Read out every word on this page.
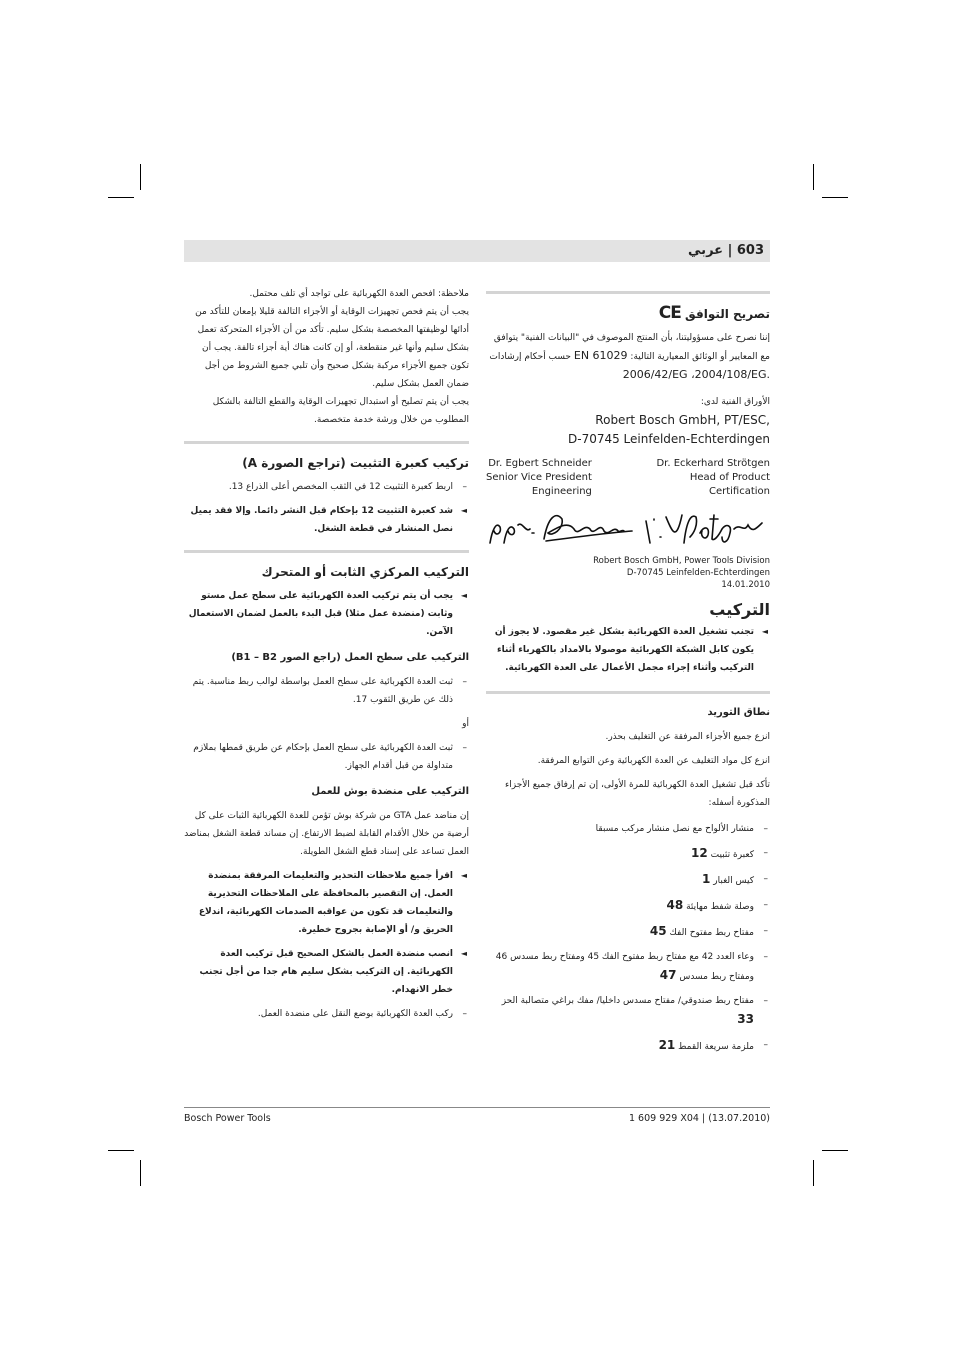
603 | عربي
تصريح التوافق CE

إننا نصرح على مسؤوليتنا، بأن المنتج الموصوف في "البيانات الفنية" يتوافق مع المعايير أو الوثائق المعيارية التالية: EN 61029 حسب أحكام إرشادات 2006/42/EG ،2004/108/EG.

الأوراق الفنية لدى:

Robert Bosch GmbH, PT/ESC,
D-70745 Leinfelden-Echterdingen
Dr. Egbert Schneider
Senior Vice President
Engineering
Dr. Eckerhard Strötgen
Head of Product
Certification
Robert Bosch GmbH, Power Tools Division
D-70745 Leinfelden-Echterdingen
14.01.2010
التركيب
◄
تجنب تشغيل العدة الكهربائية بشكل غير مقصود. لا يجوز أن يكون كابل الشبكة الكهربائية موصولا بالامداد بالكهرباء أثناء التركيب وأثناء إجراء مجمل الأعمال على العدة الكهربائية.
نطاق التوريد

انزع جميع الأجزاء المرفقة عن التغليف بحذر.

انزع كل مواد التغليف عن العدة الكهربائية وعن التوابع المرفقة.

تأكد قبل تشغيل العدة الكهربائية للمرة الأولى، إن تم إرفاق جميع الأجزاء المذكورة أسفله:

–
منشار الألواح مع نصل منشار مركب مسبقا
–
كعبرة تثبيت 12
–
كيس الغبار 1
–
وصلة شفط مهايئة 48
–
مفتاح ربط مفتوح الفك 45
–
وعاء العدد 42 مع مفتاح ربط مفتوح الفك 45 ومفتاح ربط مسدس 46 ومفتاح ربط مسدس 47
–
مفتاح ربط صندوقي/ مفتاح مسدس داخليا/ مفك براغي متصالبة الحز 33
–
ملزمة سريعة القمط 21

ملاحظة: افحص العدة الكهربائية على تواجد أي تلف محتمل.

يجب أن يتم فحص تجهيزات الوقاية أو الأجزاء التالفة قليلا بإمعان للتأكد من أدائها لوظيفتها المخصصة بشكل سليم. تأكد من أن الأجزاء المتحركة تعمل بشكل سليم وأنها غير منقطعة، أو إن كانت هناك أية أجزاء تالفة. يجب أن تكون جميع الأجزاء مركبة بشكل صحيح وأن تلبي جميع الشروط من أجل ضمان العمل بشكل سليم.

يجب أن يتم تصليح أو استبدال تجهيزات الوقاية والقطع التالفة بالشكل المطلوب من خلال ورشة خدمة متخصصة.

تركيب كعبرة التثبيت (تراجع الصورة A)
–
اربط كعبرة التثبيت 12 في الثقب المخصص أعلى الذراع 13.
◄
شد كعبرة التثبيت 12 بإحكام قبل النشر دائما. وإلا فقد يميل نصل المنشار في قطعة الشغل.
التركيب المركزي الثابت أو المتحرك
◄
يجب أن يتم تركيب العدة الكهربائية على سطح عمل مستو وثابت (منضدة عمل مثلا) قبل البدء بالعمل لضمان الاستعمال الآمن.
التركيب على سطح العمل (راجع الصور B1 – B2)
–
ثبت العدة الكهربائية على سطح العمل بواسطة لوالب ربط مناسبة. يتم ذلك عن طريق الثقوب 17.

أو

–
ثبت العدة الكهربائية على سطح العمل بإحكام عن طريق قمطها بملازم متداولة من قبل أقدام الجهاز.
التركيب على منضدة بوش للعمل

إن مناضد عمل GTA من شركة بوش تؤمن للعدة الكهربائية الثبات على كل أرضية من خلال الأقدام القابلة لضبط الارتفاع. إن مساند قطعة الشغل بمناضد العمل تساعد على إسناد قطع الشغل الطويلة.

◄
اقرأ جميع ملاحظات التحذير والتعليمات المرفقة بمنضدة العمل. إن التقصير بالمحافظة على الملاحظات التحذيرية والتعليمات قد تكون من عواقبه الصدمات الكهربائية، اندلاع الحريق و/ أو الإصابة بجروح خطيرة.
◄
انصب منضدة العمل بالشكل الصحيح قبل تركيب العدة الكهربائية. إن التركيب بشكل سليم هام جدا من أجل تجنب خطر الانهدام.
–
ركب العدة الكهربائية بوضع النقل على منضدة العمل.
Bosch Power Tools	1 609 929 X04 | (13.07.2010)
